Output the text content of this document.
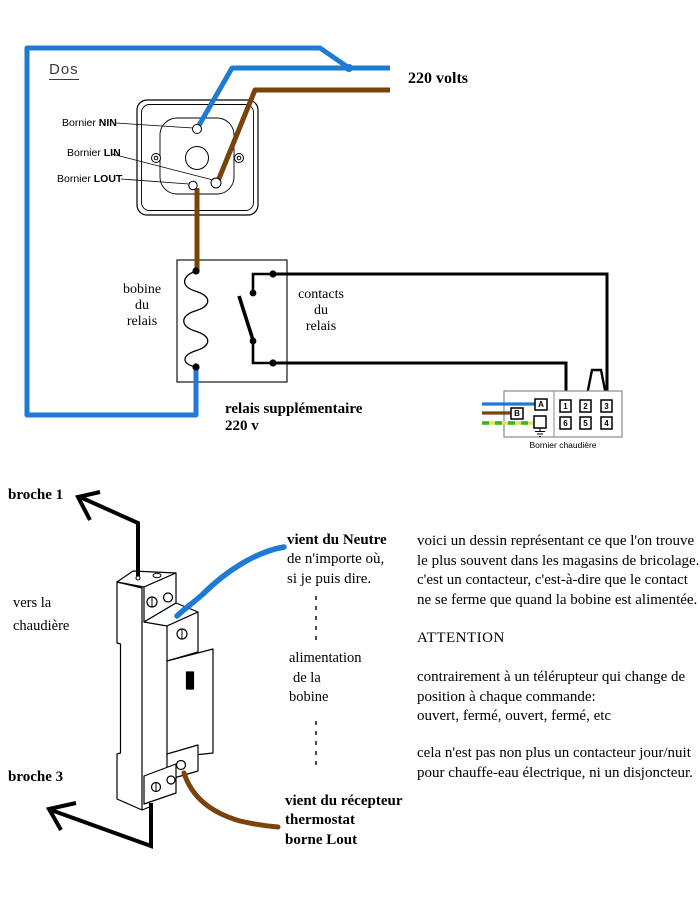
Dos
220 volts
Bornier NIN
Bornier LIN
Bornier LOUT
bobine
du
relais
contacts
du
relais
relais supplémentaire
220 v
A
B
1	2	3
6	5	4
Bornier chaudière
broche 1
vers la
chaudière
broche 3
vient du Neutre
de n'importe où,
si je puis dire.
alimentation
de la
bobine
vient du récepteur
thermostat
borne Lout
voici un dessin représentant ce que l'on trouve
le plus souvent dans les magasins de bricolage.
c'est un contacteur, c'est-à-dire que le contact
ne se ferme que quand la bobine est alimentée.
ATTENTION
contrairement à un télérupteur qui change de
position à chaque commande:
ouvert, fermé, ouvert, fermé, etc
cela n'est pas non plus un contacteur jour/nuit
pour chauffe-eau électrique, ni un disjoncteur.
